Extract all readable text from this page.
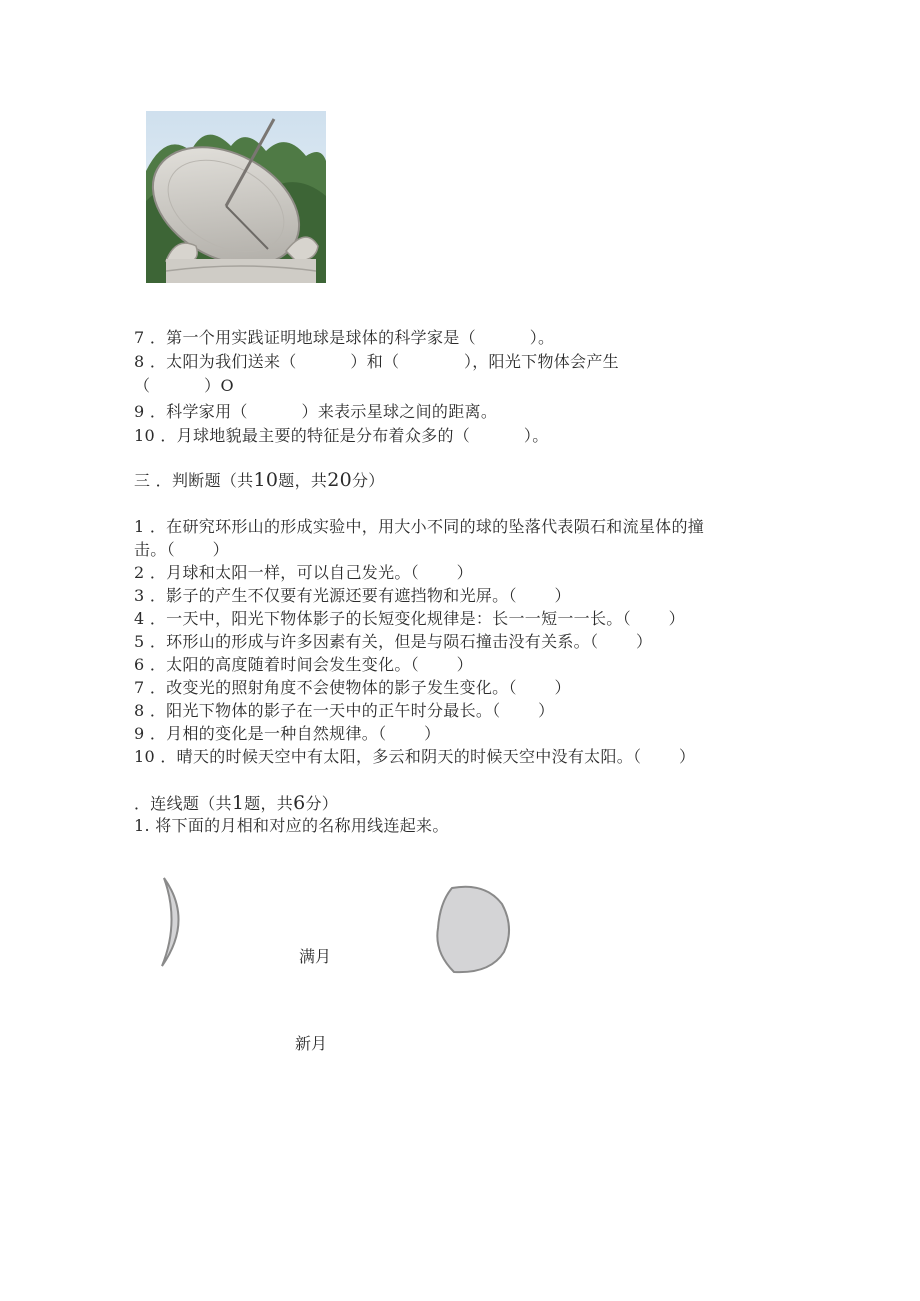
7 ．第一个用实践证明地球是球体的科学家是（          ）。
8 ．太阳为我们送来（          ）和（            ），阳光下物体会产生
（          ）O
9 ．科学家用（          ）来表示星球之间的距离。
10 ．月球地貌最主要的特征是分布着众多的（          ）。
三 ．判断题（共10题，共20分）
1 ．在研究环形山的形成实验中，用大小不同的球的坠落代表陨石和流星体的撞
击。（       ）
2 ．月球和太阳一样，可以自己发光。（       ）
3 ．影子的产生不仅要有光源还要有遮挡物和光屏。（       ）
4 ．一天中，阳光下物体影子的长短变化规律是：长一一短一一长。（       ）
5 ．环形山的形成与许多因素有关，但是与陨石撞击没有关系。（       ）
6 ．太阳的高度随着时间会发生变化。（       ）
7 ．改变光的照射角度不会使物体的影子发生变化。（       ）
8 ．阳光下物体的影子在一天中的正午时分最长。（       ）
9 ．月相的变化是一种自然规律。（       ）
10 ．晴天的时候天空中有太阳，多云和阴天的时候天空中没有太阳。（       ）
．连线题（共1题，共6分）
1. 将下面的月相和对应的名称用线连起来。
满月
新月
